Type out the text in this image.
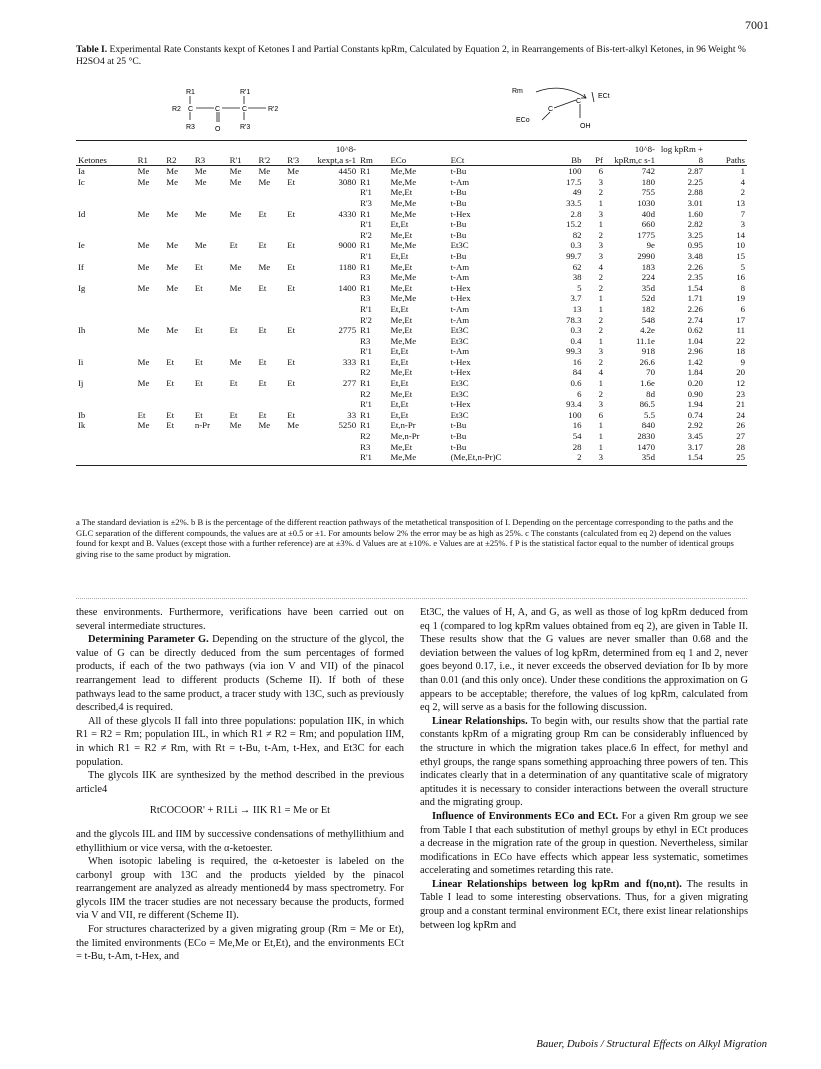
7001
Table I. Experimental Rate Constants kexpt of Ketones I and Partial Constants kpRm, Calculated by Equation 2, in Rearrangements of Bis-tert-alkyl Ketones, in 96 Weight % H2SO4 at 25 °C.
R1
R2
R3
R'1
R'2
R'3
C	C	C
O
Rm
ECt
ECo
C
C
OH

Ketones	R1	R2	R3	R'1	R'2	R'3	10^8- kexpt,a s-1	Rm	ECo	ECt	Bb	Pf	10^8- kpRm,c s-1	log kpRm + 8	Paths
Ia	Me	Me	Me	Me	Me	Me	4450	R1	Me,Me	t-Bu	100	6	742	2.87	1
Ic	Me	Me	Me	Me	Me	Et	3080	R1	Me,Me	t-Am	17.5	3	180	2.25	4
								R'1	Me,Et	t-Bu	49	2	755	2.88	2
								R'3	Me,Me	t-Bu	33.5	1	1030	3.01	13
Id	Me	Me	Me	Me	Et	Et	4330	R1	Me,Me	t-Hex	2.8	3	40d	1.60	7
								R'1	Et,Et	t-Bu	15.2	1	660	2.82	3
								R'2	Me,Et	t-Bu	82	2	1775	3.25	14
Ie	Me	Me	Me	Et	Et	Et	9000	R1	Me,Me	Et3C	0.3	3	9e	0.95	10
								R'1	Et,Et	t-Bu	99.7	3	2990	3.48	15
If	Me	Me	Et	Me	Me	Et	1180	R1	Me,Et	t-Am	62	4	183	2.26	5
								R3	Me,Me	t-Am	38	2	224	2.35	16
Ig	Me	Me	Et	Me	Et	Et	1400	R1	Me,Et	t-Hex	5	2	35d	1.54	8
								R3	Me,Me	t-Hex	3.7	1	52d	1.71	19
								R'1	Et,Et	t-Am	13	1	182	2.26	6
								R'2	Me,Et	t-Am	78.3	2	548	2.74	17
Ih	Me	Me	Et	Et	Et	Et	2775	R1	Me,Et	Et3C	0.3	2	4.2e	0.62	11
								R3	Me,Me	Et3C	0.4	1	11.1e	1.04	22
								R'1	Et,Et	t-Am	99.3	3	918	2.96	18
Ii	Me	Et	Et	Me	Et	Et	333	R1	Et,Et	t-Hex	16	2	26.6	1.42	9
								R2	Me,Et	t-Hex	84	4	70	1.84	20
Ij	Me	Et	Et	Et	Et	Et	277	R1	Et,Et	Et3C	0.6	1	1.6e	0.20	12
								R2	Me,Et	Et3C	6	2	8d	0.90	23
								R'1	Et,Et	t-Hex	93.4	3	86.5	1.94	21
Ib	Et	Et	Et	Et	Et	Et	33	R1	Et,Et	Et3C	100	6	5.5	0.74	24
Ik	Me	Et	n-Pr	Me	Me	Me	5250	R1	Et,n-Pr	t-Bu	16	1	840	2.92	26
								R2	Me,n-Pr	t-Bu	54	1	2830	3.45	27
								R3	Me,Et	t-Bu	28	1	1470	3.17	28
								R'1	Me,Me	(Me,Et,n-Pr)C	2	3	35d	1.54	25
a The standard deviation is ±2%. b B is the percentage of the different reaction pathways of the metathetical transposition of I. Depending on the percentage corresponding to the paths and the GLC separation of the different compounds, the values are at ±0.5 or ±1. For amounts below 2% the error may be as high as 25%. c The constants (calculated from eq 2) depend on the values found for kexpt and B. Values (except those with a further reference) are at ±3%. d Values are at ±10%. e Values are at ±25%. f P is the statistical factor equal to the number of identical groups giving rise to the same product by migration.

these environments. Furthermore, verifications have been carried out on several intermediate structures.

Determining Parameter G. Depending on the structure of the glycol, the value of G can be directly deduced from the sum percentages of formed products, if each of the two pathways (via ion V and VII) of the pinacol rearrangement lead to different products (Scheme II). If both of these pathways lead to the same product, a tracer study with 13C, such as previously described,4 is required.

All of these glycols II fall into three populations: population IIK, in which R1 = R2 = Rm; population IIL, in which R1 ≠ R2 = Rm; and population IIM, in which R1 = R2 ≠ Rm, with Rt = t-Bu, t-Am, t-Hex, and Et3C for each population.

The glycols IIK are synthesized by the method described in the previous article4

RtCOCOOR' + R1Li → IIK R1 = Me or Et

and the glycols IIL and IIM by successive condensations of methyllithium and ethyllithium or vice versa, with the α-ketoester.

When isotopic labeling is required, the α-ketoester is labeled on the carbonyl group with 13C and the products yielded by the pinacol rearrangement are analyzed as already mentioned4 by mass spectrometry. For glycols IIM the tracer studies are not necessary because the products, formed via V and VII, re different (Scheme II).

For structures characterized by a given migrating group (Rm = Me or Et), the limited environments (ECo = Me,Me or Et,Et), and the environments ECt = t-Bu, t-Am, t-Hex, and

Et3C, the values of H, A, and G, as well as those of log kpRm deduced from eq 1 (compared to log kpRm values obtained from eq 2), are given in Table II. These results show that the G values are never smaller than 0.68 and the deviation between the values of log kpRm, determined from eq 1 and 2, never goes beyond 0.17, i.e., it never exceeds the observed deviation for Ib by more than 0.01 (and this only once). Under these conditions the approximation on G appears to be acceptable; therefore, the values of log kpRm, calculated from eq 2, will serve as a basis for the following discussion.

Linear Relationships. To begin with, our results show that the partial rate constants kpRm of a migrating group Rm can be considerably influenced by the structure in which the migration takes place.6 In effect, for methyl and ethyl groups, the range spans something approaching three powers of ten. This indicates clearly that in a determination of any quantitative scale of migratory aptitudes it is necessary to consider interactions between the overall structure and the migrating group.

Influence of Environments ECo and ECt. For a given Rm group we see from Table I that each substitution of methyl groups by ethyl in ECt produces a decrease in the migration rate of the group in question. Nevertheless, similar modifications in ECo have effects which appear less systematic, sometimes accelerating and sometimes retarding this rate.

Linear Relationships between log kpRm and f(no,nt). The results in Table I lead to some interesting observations. Thus, for a given migrating group and a constant terminal environment ECt, there exist linear relationships between log kpRm and

Bauer, Dubois / Structural Effects on Alkyl Migration
